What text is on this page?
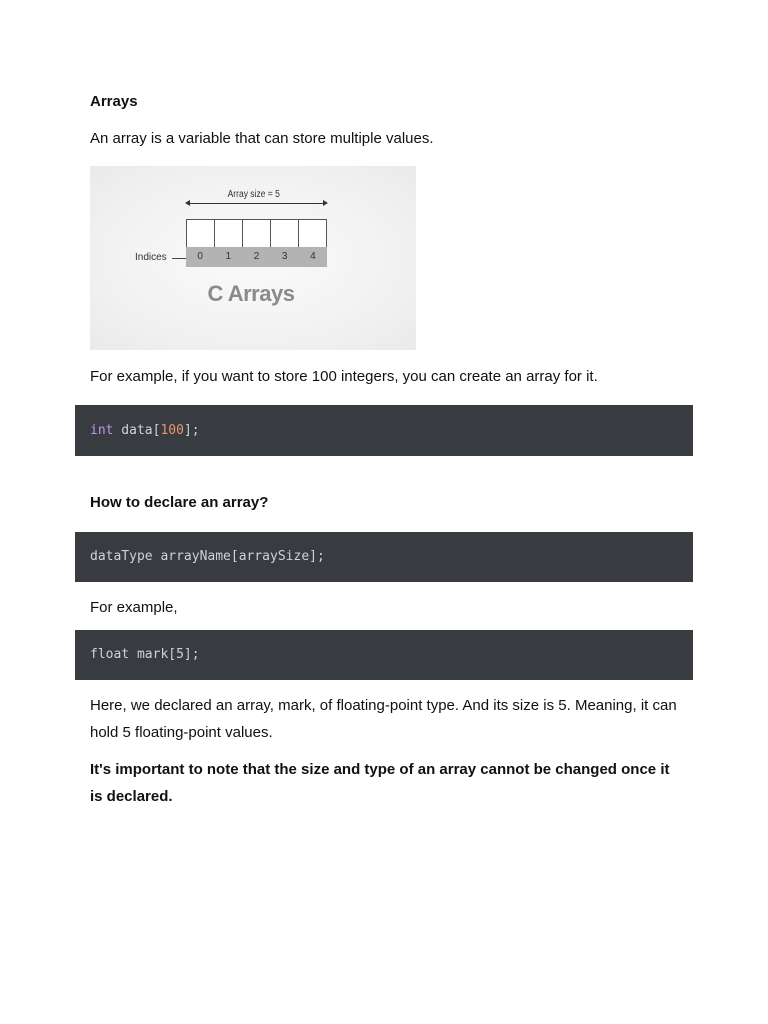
Arrays
An array is a variable that can store multiple values.
Array size = 5
0	1	2	3	4
Indices
C Arrays
For example, if you want to store 100 integers, you can create an array for it.
int data[100];
How to declare an array?
dataType arrayName[arraySize];
For example,
float mark[5];
Here, we declared an array, mark, of floating-point type. And its size is 5. Meaning, it can hold 5 floating-point values.
It's important to note that the size and type of an array cannot be changed once it is declared.
